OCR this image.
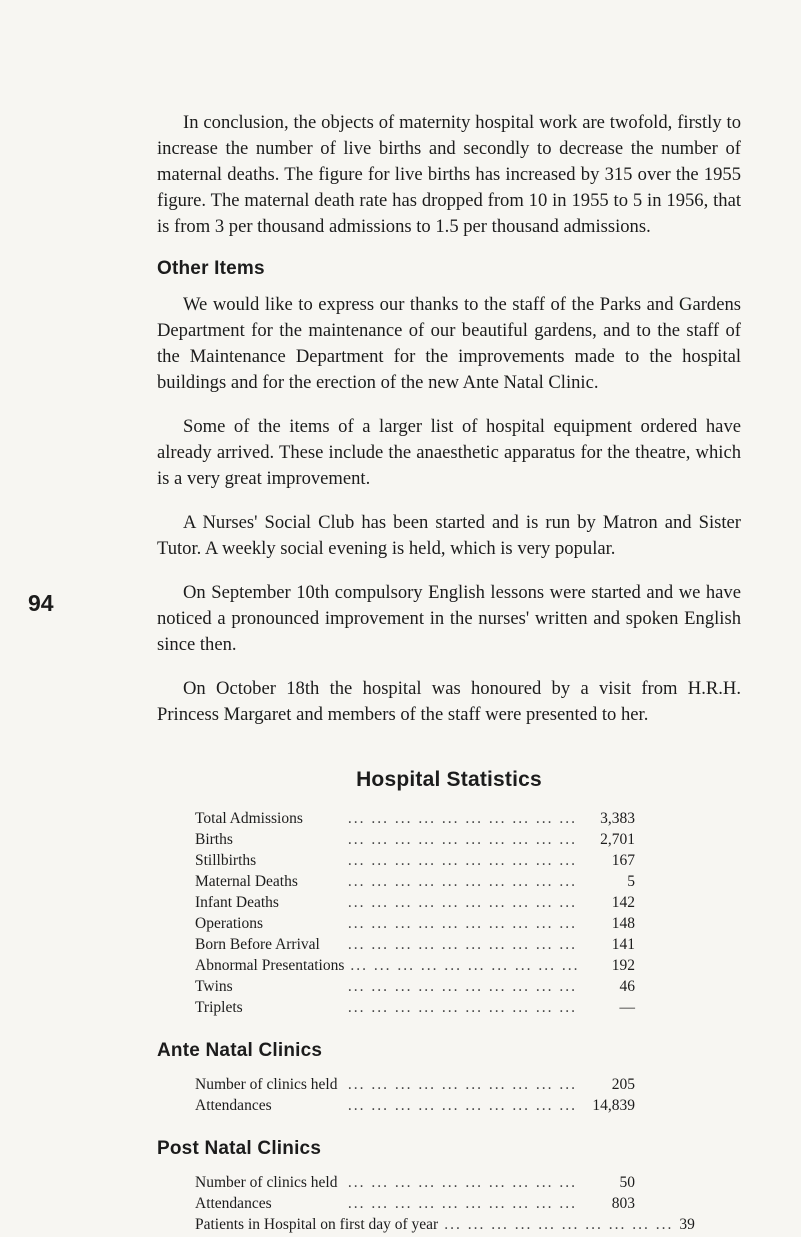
94

In conclusion, the objects of maternity hospital work are twofold, firstly to increase the number of live births and secondly to decrease the number of maternal deaths. The figure for live births has increased by 315 over the 1955 figure. The maternal death rate has dropped from 10 in 1955 to 5 in 1956, that is from 3 per thousand admissions to 1.5 per thousand admissions.

Other Items

We would like to express our thanks to the staff of the Parks and Gardens Department for the maintenance of our beautiful gardens, and to the staff of the Maintenance Department for the improvements made to the hospital buildings and for the erection of the new Ante Natal Clinic.

Some of the items of a larger list of hospital equipment ordered have already arrived. These include the anaesthetic apparatus for the theatre, which is a very great improvement.

A Nurses' Social Club has been started and is run by Matron and Sister Tutor. A weekly social evening is held, which is very popular.

On September 10th compulsory English lessons were started and we have noticed a pronounced improvement in the nurses' written and spoken English since then.

On October 18th the hospital was honoured by a visit from H.R.H. Princess Margaret and members of the staff were presented to her.

Hospital Statistics
Total Admissions	... ... ... ... ... ... ... ... ... ...	3,383
Births	... ... ... ... ... ... ... ... ... ...	2,701
Stillbirths	... ... ... ... ... ... ... ... ... ...	167
Maternal Deaths	... ... ... ... ... ... ... ... ... ...	5
Infant Deaths	... ... ... ... ... ... ... ... ... ...	142
Operations	... ... ... ... ... ... ... ... ... ...	148
Born Before Arrival	... ... ... ... ... ... ... ... ... ...	141
Abnormal Presentations ... ... ... ... ... ... ... ... ... ...	192
Twins	... ... ... ... ... ... ... ... ... ...	46
Triplets	... ... ... ... ... ... ... ... ... ...	—
Ante Natal Clinics
Number of clinics held ... ... ... ... ... ... ... ... ... ...	205
Attendances	... ... ... ... ... ... ... ... ... ... 14,839
Post Natal Clinics
Number of clinics held ... ... ... ... ... ... ... ... ... ...	50
Attendances	... ... ... ... ... ... ... ... ... ...	803
Patients in Hospital on first day of year ... ... ... ... ... ... ... ... ... ... 39
